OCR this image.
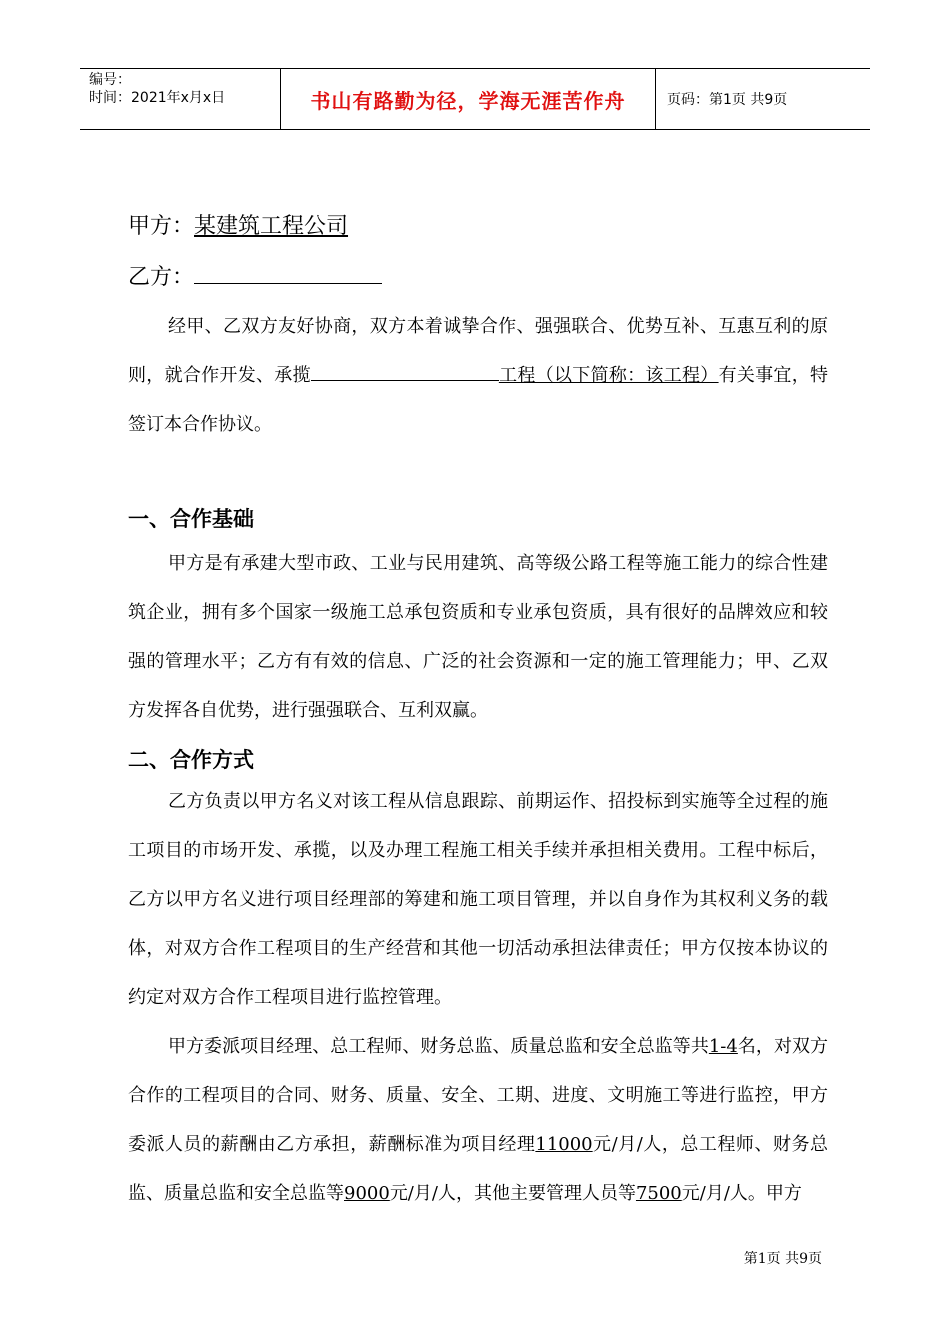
编号：
时间：2021年x月x日	书山有路勤为径，学海无涯苦作舟	页码：第1页 共9页
甲方：某建筑工程公司
乙方：

经甲、乙双方友好协商，双方本着诚挚合作、强强联合、优势互补、互惠互利的原则，就合作开发、承揽	工程（以下简称：该工程）有关事宜，特签订本合作协议。

一、合作基础

甲方是有承建大型市政、工业与民用建筑、高等级公路工程等施工能力的综合性建筑企业，拥有多个国家一级施工总承包资质和专业承包资质，具有很好的品牌效应和较强的管理水平；乙方有有效的信息、广泛的社会资源和一定的施工管理能力；甲、乙双方发挥各自优势，进行强强联合、互利双赢。

二、合作方式

乙方负责以甲方名义对该工程从信息跟踪、前期运作、招投标到实施等全过程的施工项目的市场开发、承揽，以及办理工程施工相关手续并承担相关费用。工程中标后，乙方以甲方名义进行项目经理部的筹建和施工项目管理，并以自身作为其权利义务的载体，对双方合作工程项目的生产经营和其他一切活动承担法律责任；甲方仅按本协议的约定对双方合作工程项目进行监控管理。

甲方委派项目经理、总工程师、财务总监、质量总监和安全总监等共1-4名，对双方合作的工程项目的合同、财务、质量、安全、工期、进度、文明施工等进行监控，甲方委派人员的薪酬由乙方承担，薪酬标准为项目经理11000元/月/人，总工程师、财务总监、质量总监和安全总监等9000元/月/人，其他主要管理人员等7500元/月/人。甲方

第1页 共9页
